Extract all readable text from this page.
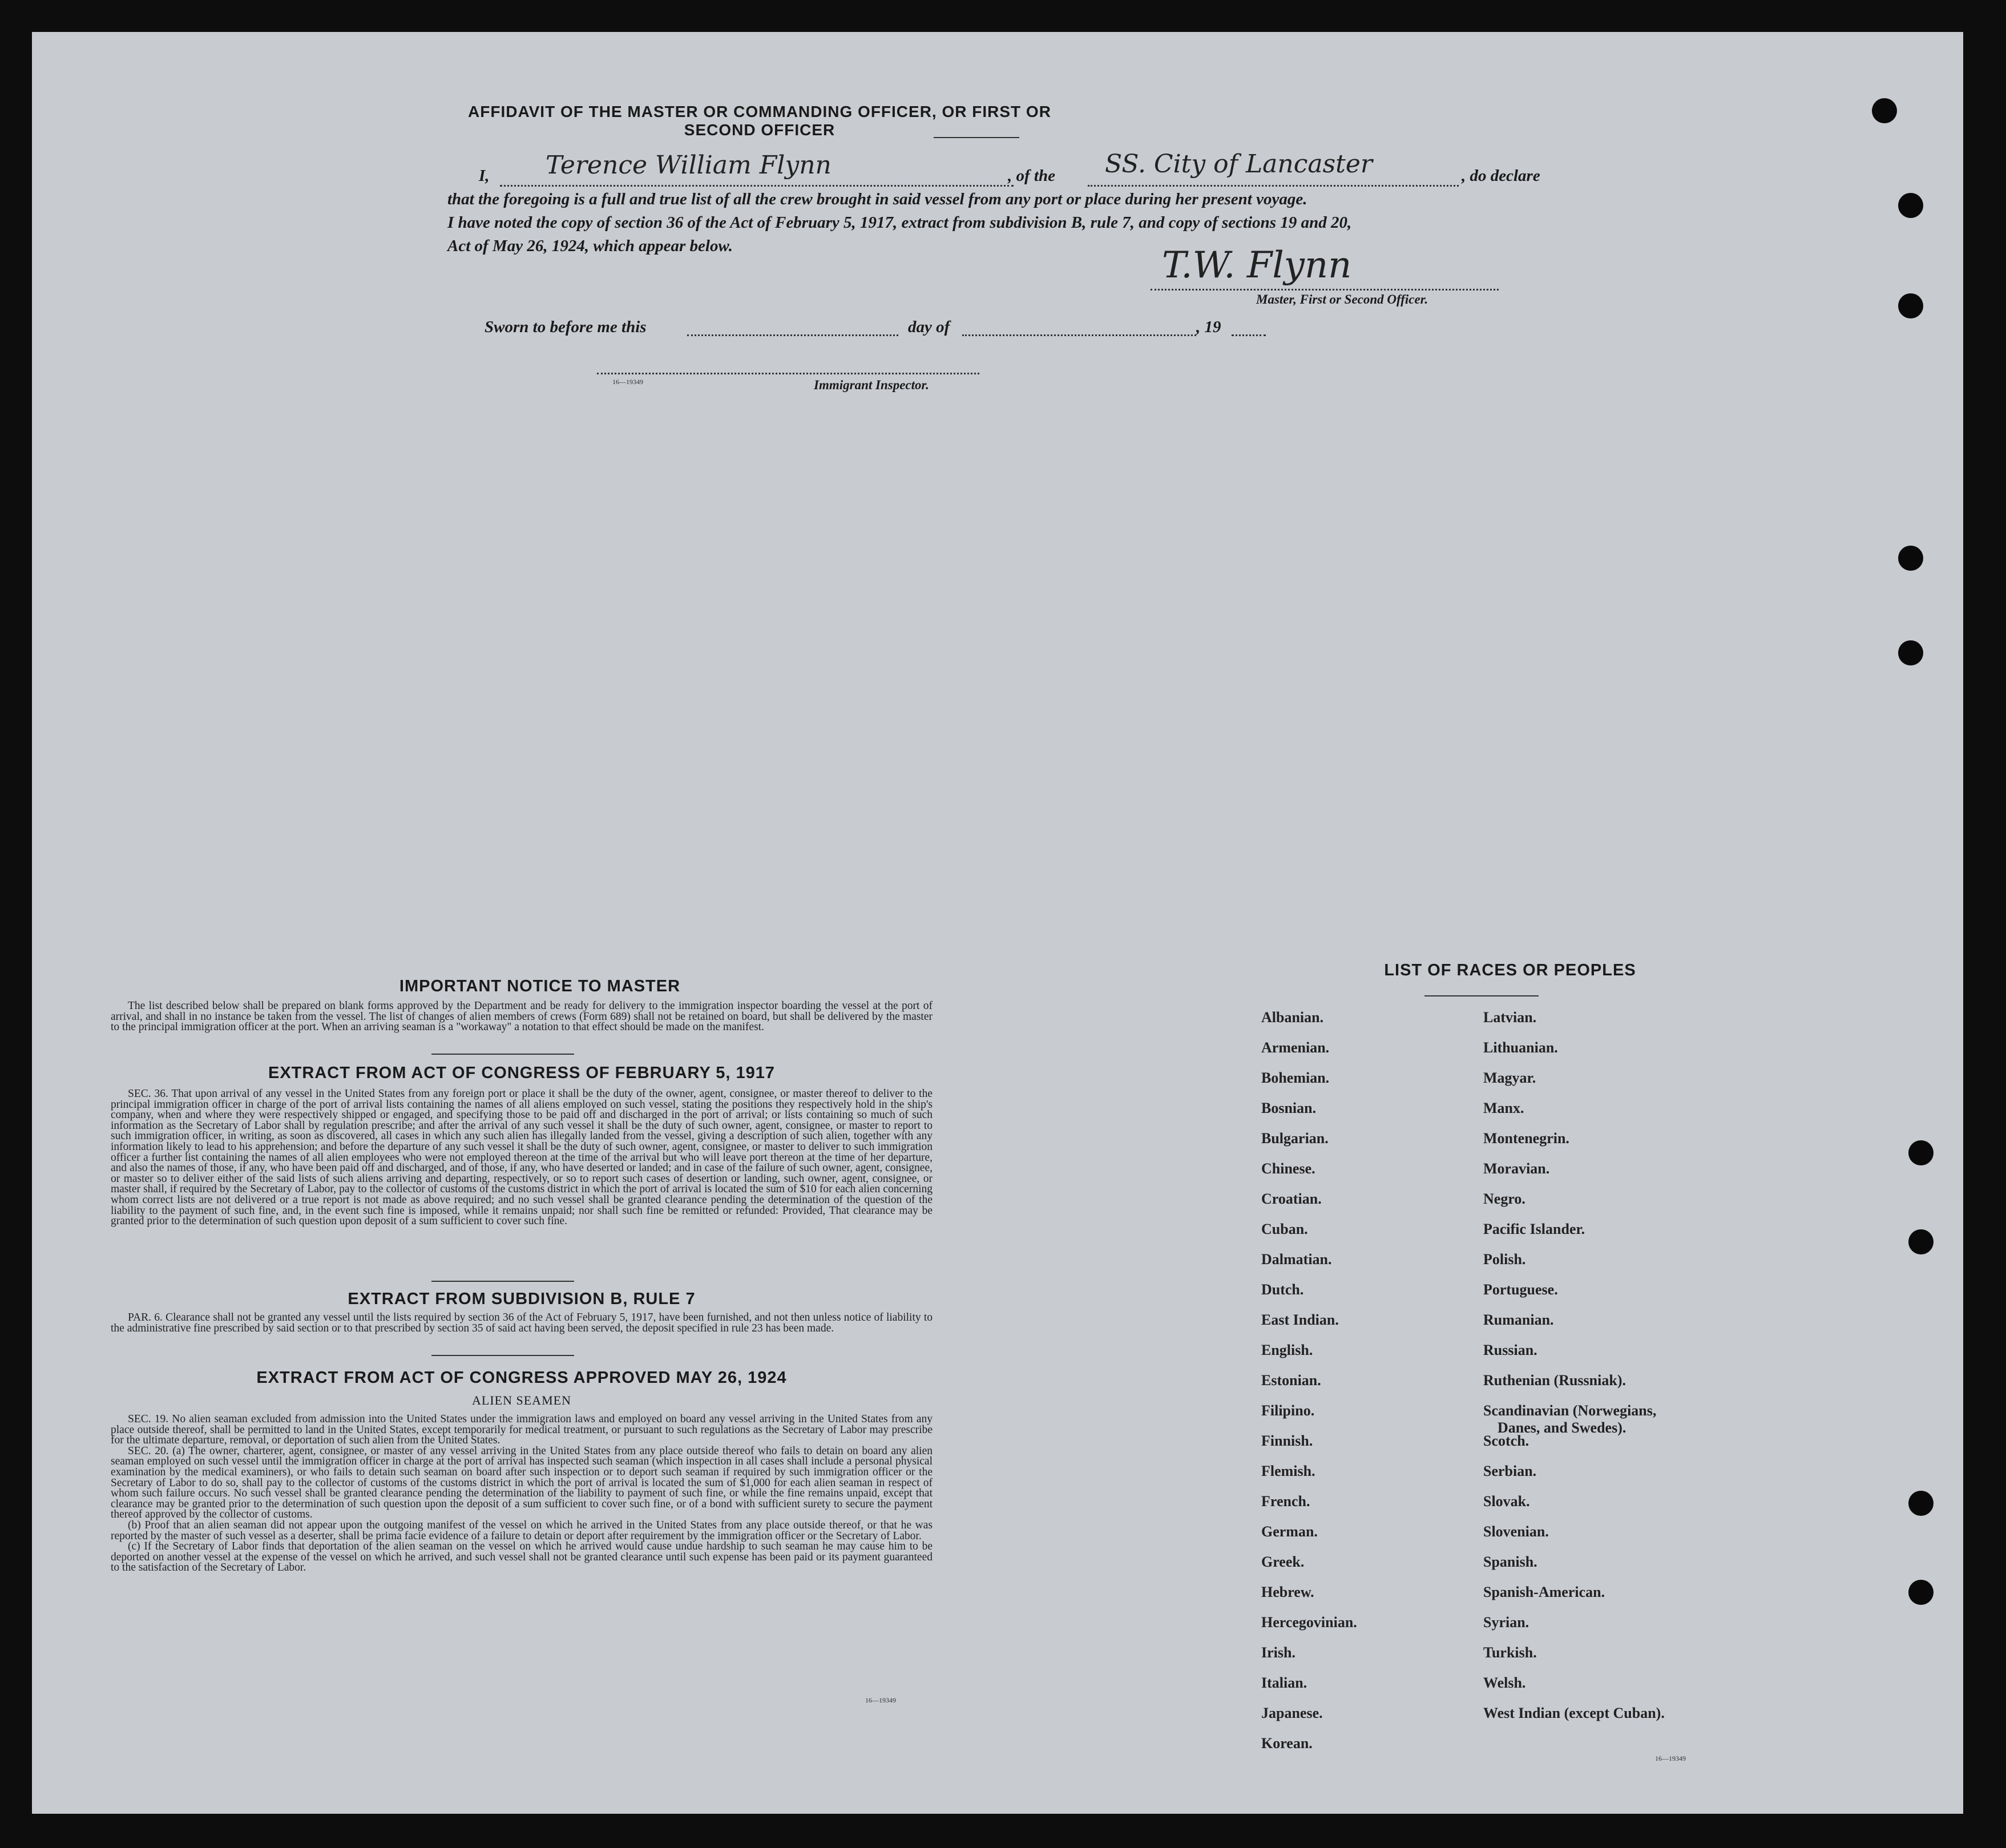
AFFIDAVIT OF THE MASTER OR COMMANDING OFFICER, OR FIRST OR SECOND OFFICER
I, Terence William Flynn	, of the SS. City of Lancaster	, do declare
that the foregoing is a full and true list of all the crew brought in said vessel from any port or place during her present voyage.
I have noted the copy of section 36 of the Act of February 5, 1917, extract from subdivision B, rule 7, and copy of sections 19 and 20,
Act of May 26, 1924, which appear below.	T.W. Flynn
Master, First or Second Officer.
Sworn to before me this	day of	, 19
16—19349	Immigrant Inspector.
IMPORTANT NOTICE TO MASTER

The list described below shall be prepared on blank forms approved by the Department and be ready for delivery to the immigration inspector boarding the vessel at the port of arrival, and shall in no instance be taken from the vessel. The list of changes of alien members of crews (Form 689) shall not be retained on board, but shall be delivered by the master to the principal immigration officer at the port. When an arriving seaman is a "workaway" a notation to that effect should be made on the manifest.

EXTRACT FROM ACT OF CONGRESS OF FEBRUARY 5, 1917

SEC. 36. That upon arrival of any vessel in the United States from any foreign port or place it shall be the duty of the owner, agent, consignee, or master thereof to deliver to the principal immigration officer in charge of the port of arrival lists containing the names of all aliens employed on such vessel, stating the positions they respectively hold in the ship's company, when and where they were respectively shipped or engaged, and specifying those to be paid off and discharged in the port of arrival; or lists containing so much of such information as the Secretary of Labor shall by regulation prescribe; and after the arrival of any such vessel it shall be the duty of such owner, agent, consignee, or master to report to such immigration officer, in writing, as soon as discovered, all cases in which any such alien has illegally landed from the vessel, giving a description of such alien, together with any information likely to lead to his apprehension; and before the departure of any such vessel it shall be the duty of such owner, agent, consignee, or master to deliver to such immigration officer a further list containing the names of all alien employees who were not employed thereon at the time of the arrival but who will leave port thereon at the time of her departure, and also the names of those, if any, who have been paid off and discharged, and of those, if any, who have deserted or landed; and in case of the failure of such owner, agent, consignee, or master so to deliver either of the said lists of such aliens arriving and departing, respectively, or so to report such cases of desertion or landing, such owner, agent, consignee, or master shall, if required by the Secretary of Labor, pay to the collector of customs of the customs district in which the port of arrival is located the sum of $10 for each alien concerning whom correct lists are not delivered or a true report is not made as above required; and no such vessel shall be granted clearance pending the determination of the question of the liability to the payment of such fine, and, in the event such fine is imposed, while it remains unpaid; nor shall such fine be remitted or refunded: Provided, That clearance may be granted prior to the determination of such question upon deposit of a sum sufficient to cover such fine.

EXTRACT FROM SUBDIVISION B, RULE 7

PAR. 6. Clearance shall not be granted any vessel until the lists required by section 36 of the Act of February 5, 1917, have been furnished, and not then unless notice of liability to the administrative fine prescribed by said section or to that prescribed by section 35 of said act having been served, the deposit specified in rule 23 has been made.

EXTRACT FROM ACT OF CONGRESS APPROVED MAY 26, 1924
ALIEN SEAMEN

SEC. 19. No alien seaman excluded from admission into the United States under the immigration laws and employed on board any vessel arriving in the United States from any place outside thereof, shall be permitted to land in the United States, except temporarily for medical treatment, or pursuant to such regulations as the Secretary of Labor may prescribe for the ultimate departure, removal, or deportation of such alien from the United States.

SEC. 20. (a) The owner, charterer, agent, consignee, or master of any vessel arriving in the United States from any place outside thereof who fails to detain on board any alien seaman employed on such vessel until the immigration officer in charge at the port of arrival has inspected such seaman (which inspection in all cases shall include a personal physical examination by the medical examiners), or who fails to detain such seaman on board after such inspection or to deport such seaman if required by such immigration officer or the Secretary of Labor to do so, shall pay to the collector of customs of the customs district in which the port of arrival is located the sum of $1,000 for each alien seaman in respect of whom such failure occurs. No such vessel shall be granted clearance pending the determination of the liability to payment of such fine, or while the fine remains unpaid, except that clearance may be granted prior to the determination of such question upon the deposit of a sum sufficient to cover such fine, or of a bond with sufficient surety to secure the payment thereof approved by the collector of customs.

(b) Proof that an alien seaman did not appear upon the outgoing manifest of the vessel on which he arrived in the United States from any place outside thereof, or that he was reported by the master of such vessel as a deserter, shall be prima facie evidence of a failure to detain or deport after requirement by the immigration officer or the Secretary of Labor.

(c) If the Secretary of Labor finds that deportation of the alien seaman on the vessel on which he arrived would cause undue hardship to such seaman he may cause him to be deported on another vessel at the expense of the vessel on which he arrived, and such vessel shall not be granted clearance until such expense has been paid or its payment guaranteed to the satisfaction of the Secretary of Labor.

16—19349
LIST OF RACES OR PEOPLES
16—19349
Albanian.
Armenian.
Bohemian.
Bosnian.
Bulgarian.
Chinese.
Croatian.
Cuban.
Dalmatian.
Dutch.
East Indian.
English.
Estonian.
Filipino.
Finnish.
Flemish.
French.
German.
Greek.
Hebrew.
Hercegovinian.
Irish.
Italian.
Japanese.
Korean.
Latvian.
Lithuanian.
Magyar.
Manx.
Montenegrin.
Moravian.
Negro.
Pacific Islander.
Polish.
Portuguese.
Rumanian.
Russian.
Ruthenian (Russniak).
Scandinavian (Norwegians,
Danes, and Swedes).
Scotch.
Serbian.
Slovak.
Slovenian.
Spanish.
Spanish-American.
Syrian.
Turkish.
Welsh.
West Indian (except Cuban).
